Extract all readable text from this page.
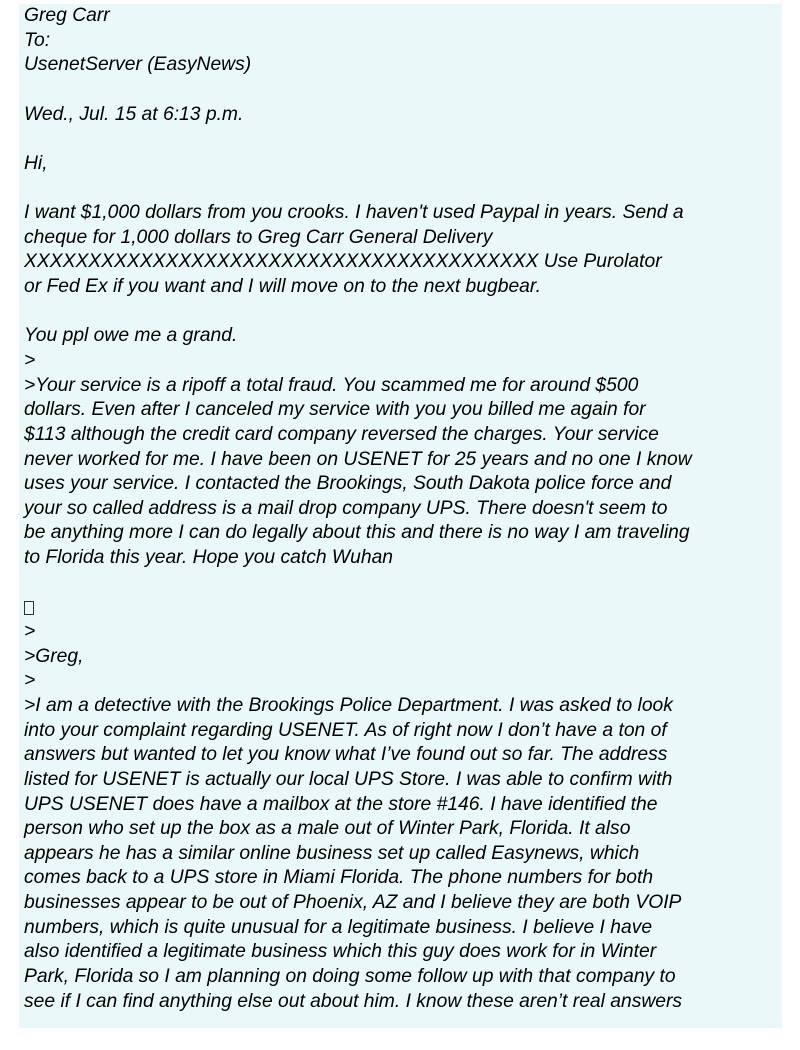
Greg Carr
To:
UsenetServer (EasyNews)
Wed., Jul. 15 at 6:13 p.m.
Hi,
I want $1,000 dollars from you crooks. I haven't used Paypal in years. Send a
cheque for 1,000 dollars to Greg Carr General Delivery
XXXXXXXXXXXXXXXXXXXXXXXXXXXXXXXXXXXXXXXX Use Purolator
or Fed Ex if you want and I will move on to the next bugbear.
You ppl owe me a grand.
>
>Your service is a ripoff a total fraud. You scammed me for around $500
dollars. Even after I canceled my service with you you billed me again for
$113 although the credit card company reversed the charges. Your service
never worked for me. I have been on USENET for 25 years and no one I know
uses your service. I contacted the Brookings, South Dakota police force and
your so called address is a mail drop company UPS. There doesn't seem to
be anything more I can do legally about this and there is no way I am traveling
to Florida this year. Hope you catch Wuhan
>
>Greg,
>
>I am a detective with the Brookings Police Department. I was asked to look
into your complaint regarding USENET. As of right now I don’t have a ton of
answers but wanted to let you know what I’ve found out so far. The address
listed for USENET is actually our local UPS Store. I was able to confirm with
UPS USENET does have a mailbox at the store #146. I have identified the
person who set up the box as a male out of Winter Park, Florida. It also
appears he has a similar online business set up called Easynews, which
comes back to a UPS store in Miami Florida. The phone numbers for both
businesses appear to be out of Phoenix, AZ and I believe they are both VOIP
numbers, which is quite unusual for a legitimate business. I believe I have
also identified a legitimate business which this guy does work for in Winter
Park, Florida so I am planning on doing some follow up with that company to
see if I can find anything else out about him. I know these aren’t real answers
